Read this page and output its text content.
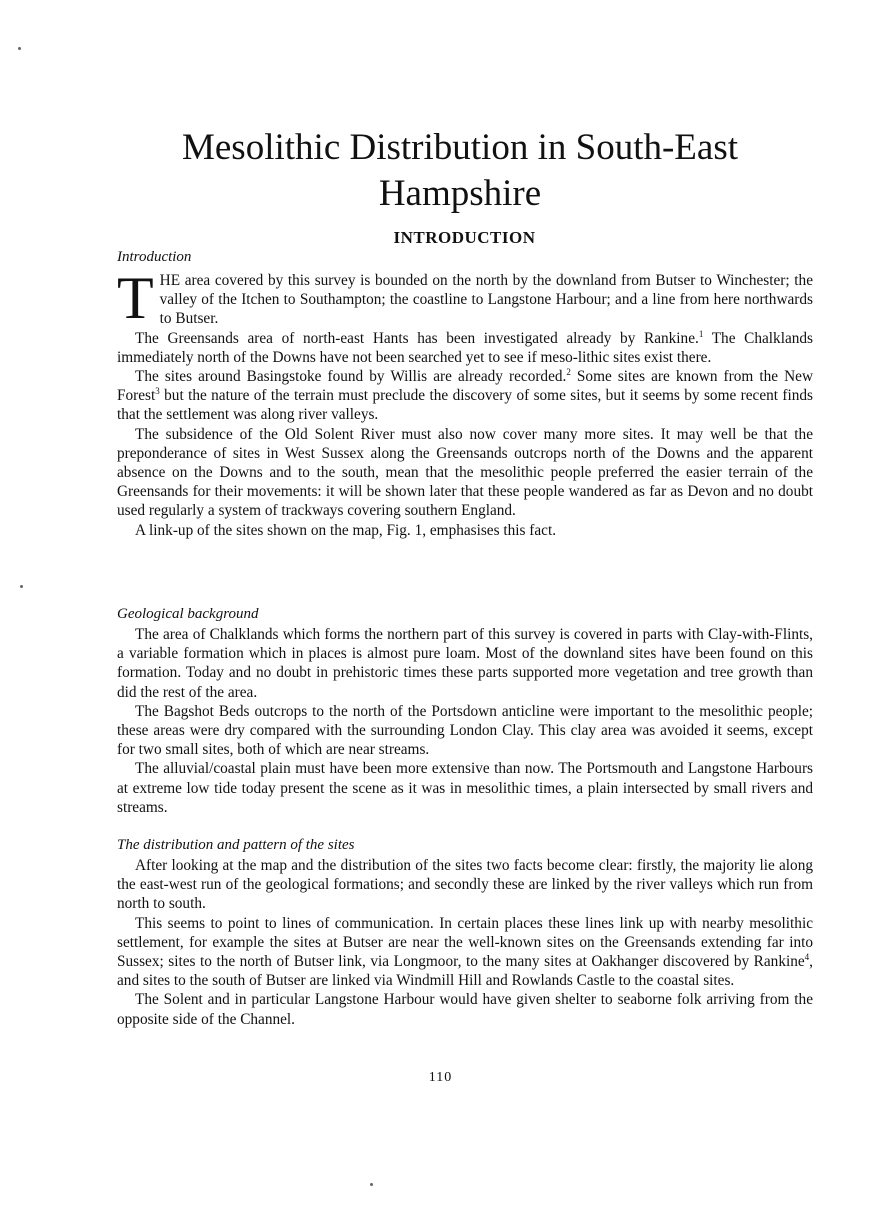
Mesolithic Distribution in South-East Hampshire
INTRODUCTION
Introduction

THE area covered by this survey is bounded on the north by the downland from Butser to Winchester; the valley of the Itchen to Southampton; the coastline to Langstone Harbour; and a line from here northwards to Butser.

The Greensands area of north-east Hants has been investigated already by Rankine.$^1$ The Chalklands immediately north of the Downs have not been searched yet to see if meso-lithic sites exist there.

The sites around Basingstoke found by Willis are already recorded.$^2$ Some sites are known from the New Forest$^3$ but the nature of the terrain must preclude the discovery of some sites, but it seems by some recent finds that the settlement was along river valleys.

The subsidence of the Old Solent River must also now cover many more sites. It may well be that the preponderance of sites in West Sussex along the Greensands outcrops north of the Downs and the apparent absence on the Downs and to the south, mean that the mesolithic people preferred the easier terrain of the Greensands for their movements: it will be shown later that these people wandered as far as Devon and no doubt used regularly a system of trackways covering southern England.

A link-up of the sites shown on the map, Fig. 1, emphasises this fact.

Geological background

The area of Chalklands which forms the northern part of this survey is covered in parts with Clay-with-Flints, a variable formation which in places is almost pure loam. Most of the downland sites have been found on this formation. Today and no doubt in prehistoric times these parts supported more vegetation and tree growth than did the rest of the area.

The Bagshot Beds outcrops to the north of the Portsdown anticline were important to the mesolithic people; these areas were dry compared with the surrounding London Clay. This clay area was avoided it seems, except for two small sites, both of which are near streams.

The alluvial/coastal plain must have been more extensive than now. The Portsmouth and Langstone Harbours at extreme low tide today present the scene as it was in mesolithic times, a plain intersected by small rivers and streams.

The distribution and pattern of the sites

After looking at the map and the distribution of the sites two facts become clear: firstly, the majority lie along the east-west run of the geological formations; and secondly these are linked by the river valleys which run from north to south.

This seems to point to lines of communication. In certain places these lines link up with nearby mesolithic settlement, for example the sites at Butser are near the well-known sites on the Greensands extending far into Sussex; sites to the north of Butser link, via Longmoor, to the many sites at Oakhanger discovered by Rankine$^4$, and sites to the south of Butser are linked via Windmill Hill and Rowlands Castle to the coastal sites.

The Solent and in particular Langstone Harbour would have given shelter to seaborne folk arriving from the opposite side of the Channel.

110
